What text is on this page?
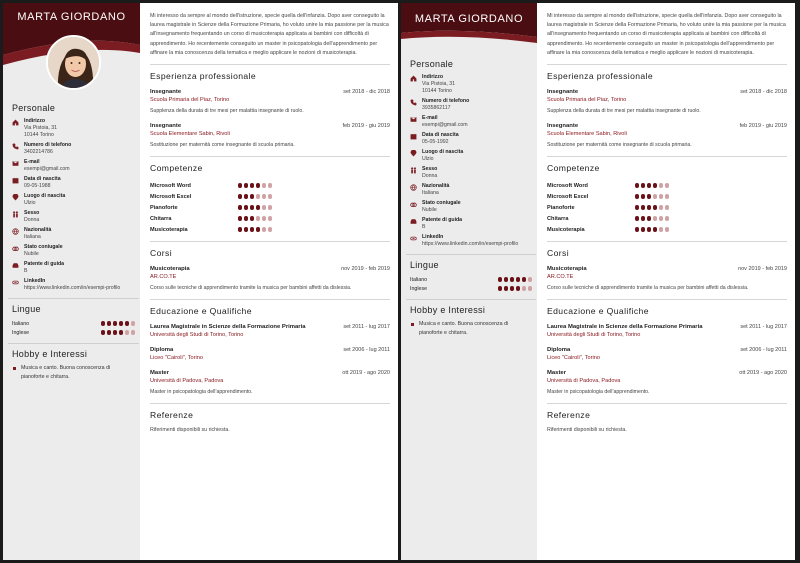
Personale
Indirizzo
Via Pistoia, 31
10144 Torino
Numero di telefono
3402214786
E-mail
esempi@gmail.com
Data di nascita
09-05-1988
Luogo di nascita
Ulzio
Sesso
Donna
Nazionalità
Italiana
Stato coniugale
Nubile
Patente di guida
B
LinkedIn
https://www.linkedin.com/in/esempi-profilo
Lingue
Italiano
Inglese
Hobby e Interessi
Musica e canto. Buona conoscenza di pianoforte e chitarra.
Mi interesso da sempre al mondo dell'istruzione, specie quella dell'infanzia. Dopo aver conseguito la laurea magistrale in Scienze della Formazione Primaria, ho voluto unire la mia passione per la musica all'insegnamento frequentando un corso di musicoterapia applicata ai bambini con difficoltà di apprendimento. Ho recentemente conseguito un master in psicopatologia dell'apprendimento per affinare la mia conoscenza della tematica e meglio applicare le nozioni di musicoterapia.
Esperienza professionale
Insegnante	set 2018 - dic 2018
Scuola Primaria del Piaz, Torino
Supplenza della durata di tre mesi per malattia insegnante di ruolo.
Insegnante	feb 2019 - giu 2019
Scuola Elementare Sabin, Rivoli
Sostituzione per maternità come insegnante di scuola primaria.
Competenze
Microsoft Word
Microsoft Excel
Pianoforte
Chitarra
Musicoterapia
Corsi
Musicoterapia	nov 2019 - feb 2019
AR.CO.TE
Corso sulle tecniche di apprendimento tramite la musica per bambini affetti da dislessia.
Educazione e Qualifiche
Laurea Magistrale in Scienze della Formazione Primaria	set 2011 - lug 2017
Università degli Studi di Torino, Torino
Diploma	set 2006 - lug 2011
Liceo "Cairoli", Torino
Master	ott 2019 - ago 2020
Università di Padova, Padova
Master in psicopatologia dell'apprendimento.
Referenze
Riferimenti disponibili su richiesta.
MARTA GIORDANO
Personale
Indirizzo
Via Pistoia, 31
10144 Torino
Numero di telefono
3935862117
E-mail
esempi@gmail.com
Data di nascita
05-05-1992
Luogo di nascita
Ulzio
Sesso
Donna
Nazionalità
Italiana
Stato coniugale
Nubile
Patente di guida
B
LinkedIn
https://www.linkedin.com/in/esempi-profilo
Lingue
Italiano
Inglese
Hobby e Interessi
Musica e canto. Buona conoscenza di pianoforte e chitarra.
Mi interesso da sempre al mondo dell'istruzione, specie quella dell'infanzia. Dopo aver conseguito la laurea magistrale in Scienze della Formazione Primaria, ho voluto unire la mia passione per la musica all'insegnamento frequentando un corso di musicoterapia applicata ai bambini con difficoltà di apprendimento. Ho recentemente conseguito un master in psicopatologia dell'apprendimento per affinare la mia conoscenza della tematica e meglio applicare le nozioni di musicoterapia.
Esperienza professionale
Insegnante	set 2018 - dic 2018
Scuola Primaria del Piaz, Torino
Supplenza della durata di tre mesi per malattia insegnante di ruolo.
Insegnante	feb 2019 - giu 2019
Scuola Elementare Sabin, Rivoli
Sostituzione per maternità come insegnante di scuola primaria.
Competenze
Microsoft Word
Microsoft Excel
Pianoforte
Chitarra
Musicoterapia
Corsi
Musicoterapia	nov 2019 - feb 2019
AR.CO.TE
Corso sulle tecniche di apprendimento tramite la musica per bambini affetti da dislessia.
Educazione e Qualifiche
Laurea Magistrale in Scienze della Formazione Primaria	set 2011 - lug 2017
Università degli Studi di Torino, Torino
Diploma	set 2006 - lug 2011
Liceo "Cairoli", Torino
Master	ott 2019 - ago 2020
Università di Padova, Padova
Master in psicopatologia dell'apprendimento.
Referenze
Riferimenti disponibili su richiesta.
MARTA GIORDANO
